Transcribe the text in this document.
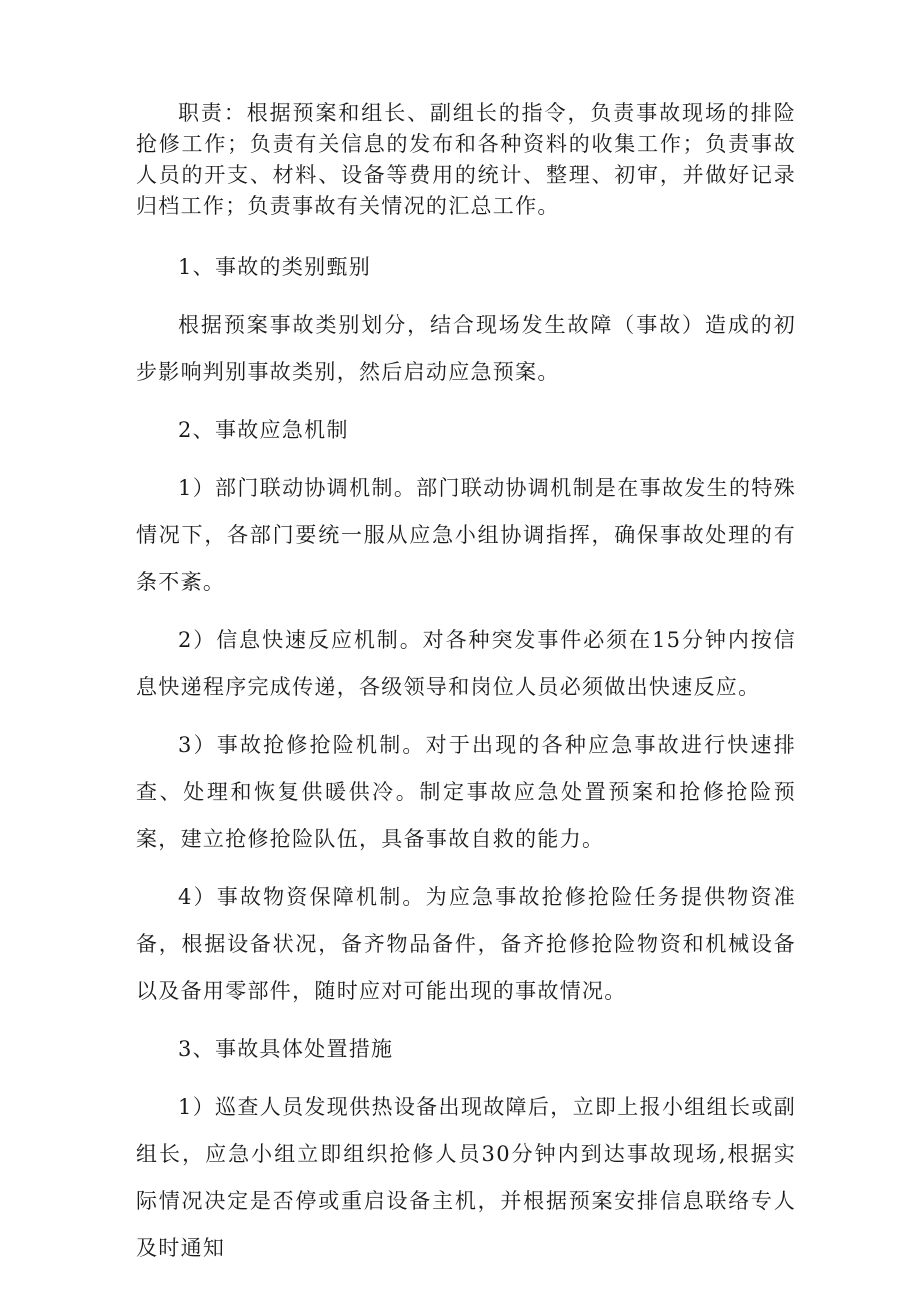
职责：根据预案和组长、副组长的指令，负责事故现场的排险抢修工作；负责有关信息的发布和各种资料的收集工作；负责事故人员的开支、材料、设备等费用的统计、整理、初审，并做好记录归档工作；负责事故有关情况的汇总工作。

1、事故的类别甄别

根据预案事故类别划分，结合现场发生故障（事故）造成的初步影响判别事故类别，然后启动应急预案。

2、事故应急机制

1）部门联动协调机制。部门联动协调机制是在事故发生的特殊情况下，各部门要统一服从应急小组协调指挥，确保事故处理的有条不紊。

2）信息快速反应机制。对各种突发事件必须在15分钟内按信息快递程序完成传递，各级领导和岗位人员必须做出快速反应。

3）事故抢修抢险机制。对于出现的各种应急事故进行快速排查、处理和恢复供暖供冷。制定事故应急处置预案和抢修抢险预案，建立抢修抢险队伍，具备事故自救的能力。

4）事故物资保障机制。为应急事故抢修抢险任务提供物资准备，根据设备状况，备齐物品备件，备齐抢修抢险物资和机械设备以及备用零部件，随时应对可能出现的事故情况。

3、事故具体处置措施

1）巡查人员发现供热设备出现故障后，立即上报小组组长或副组长，应急小组立即组织抢修人员30分钟内到达事故现场,根据实际情况决定是否停或重启设备主机，并根据预案安排信息联络专人及时通知
